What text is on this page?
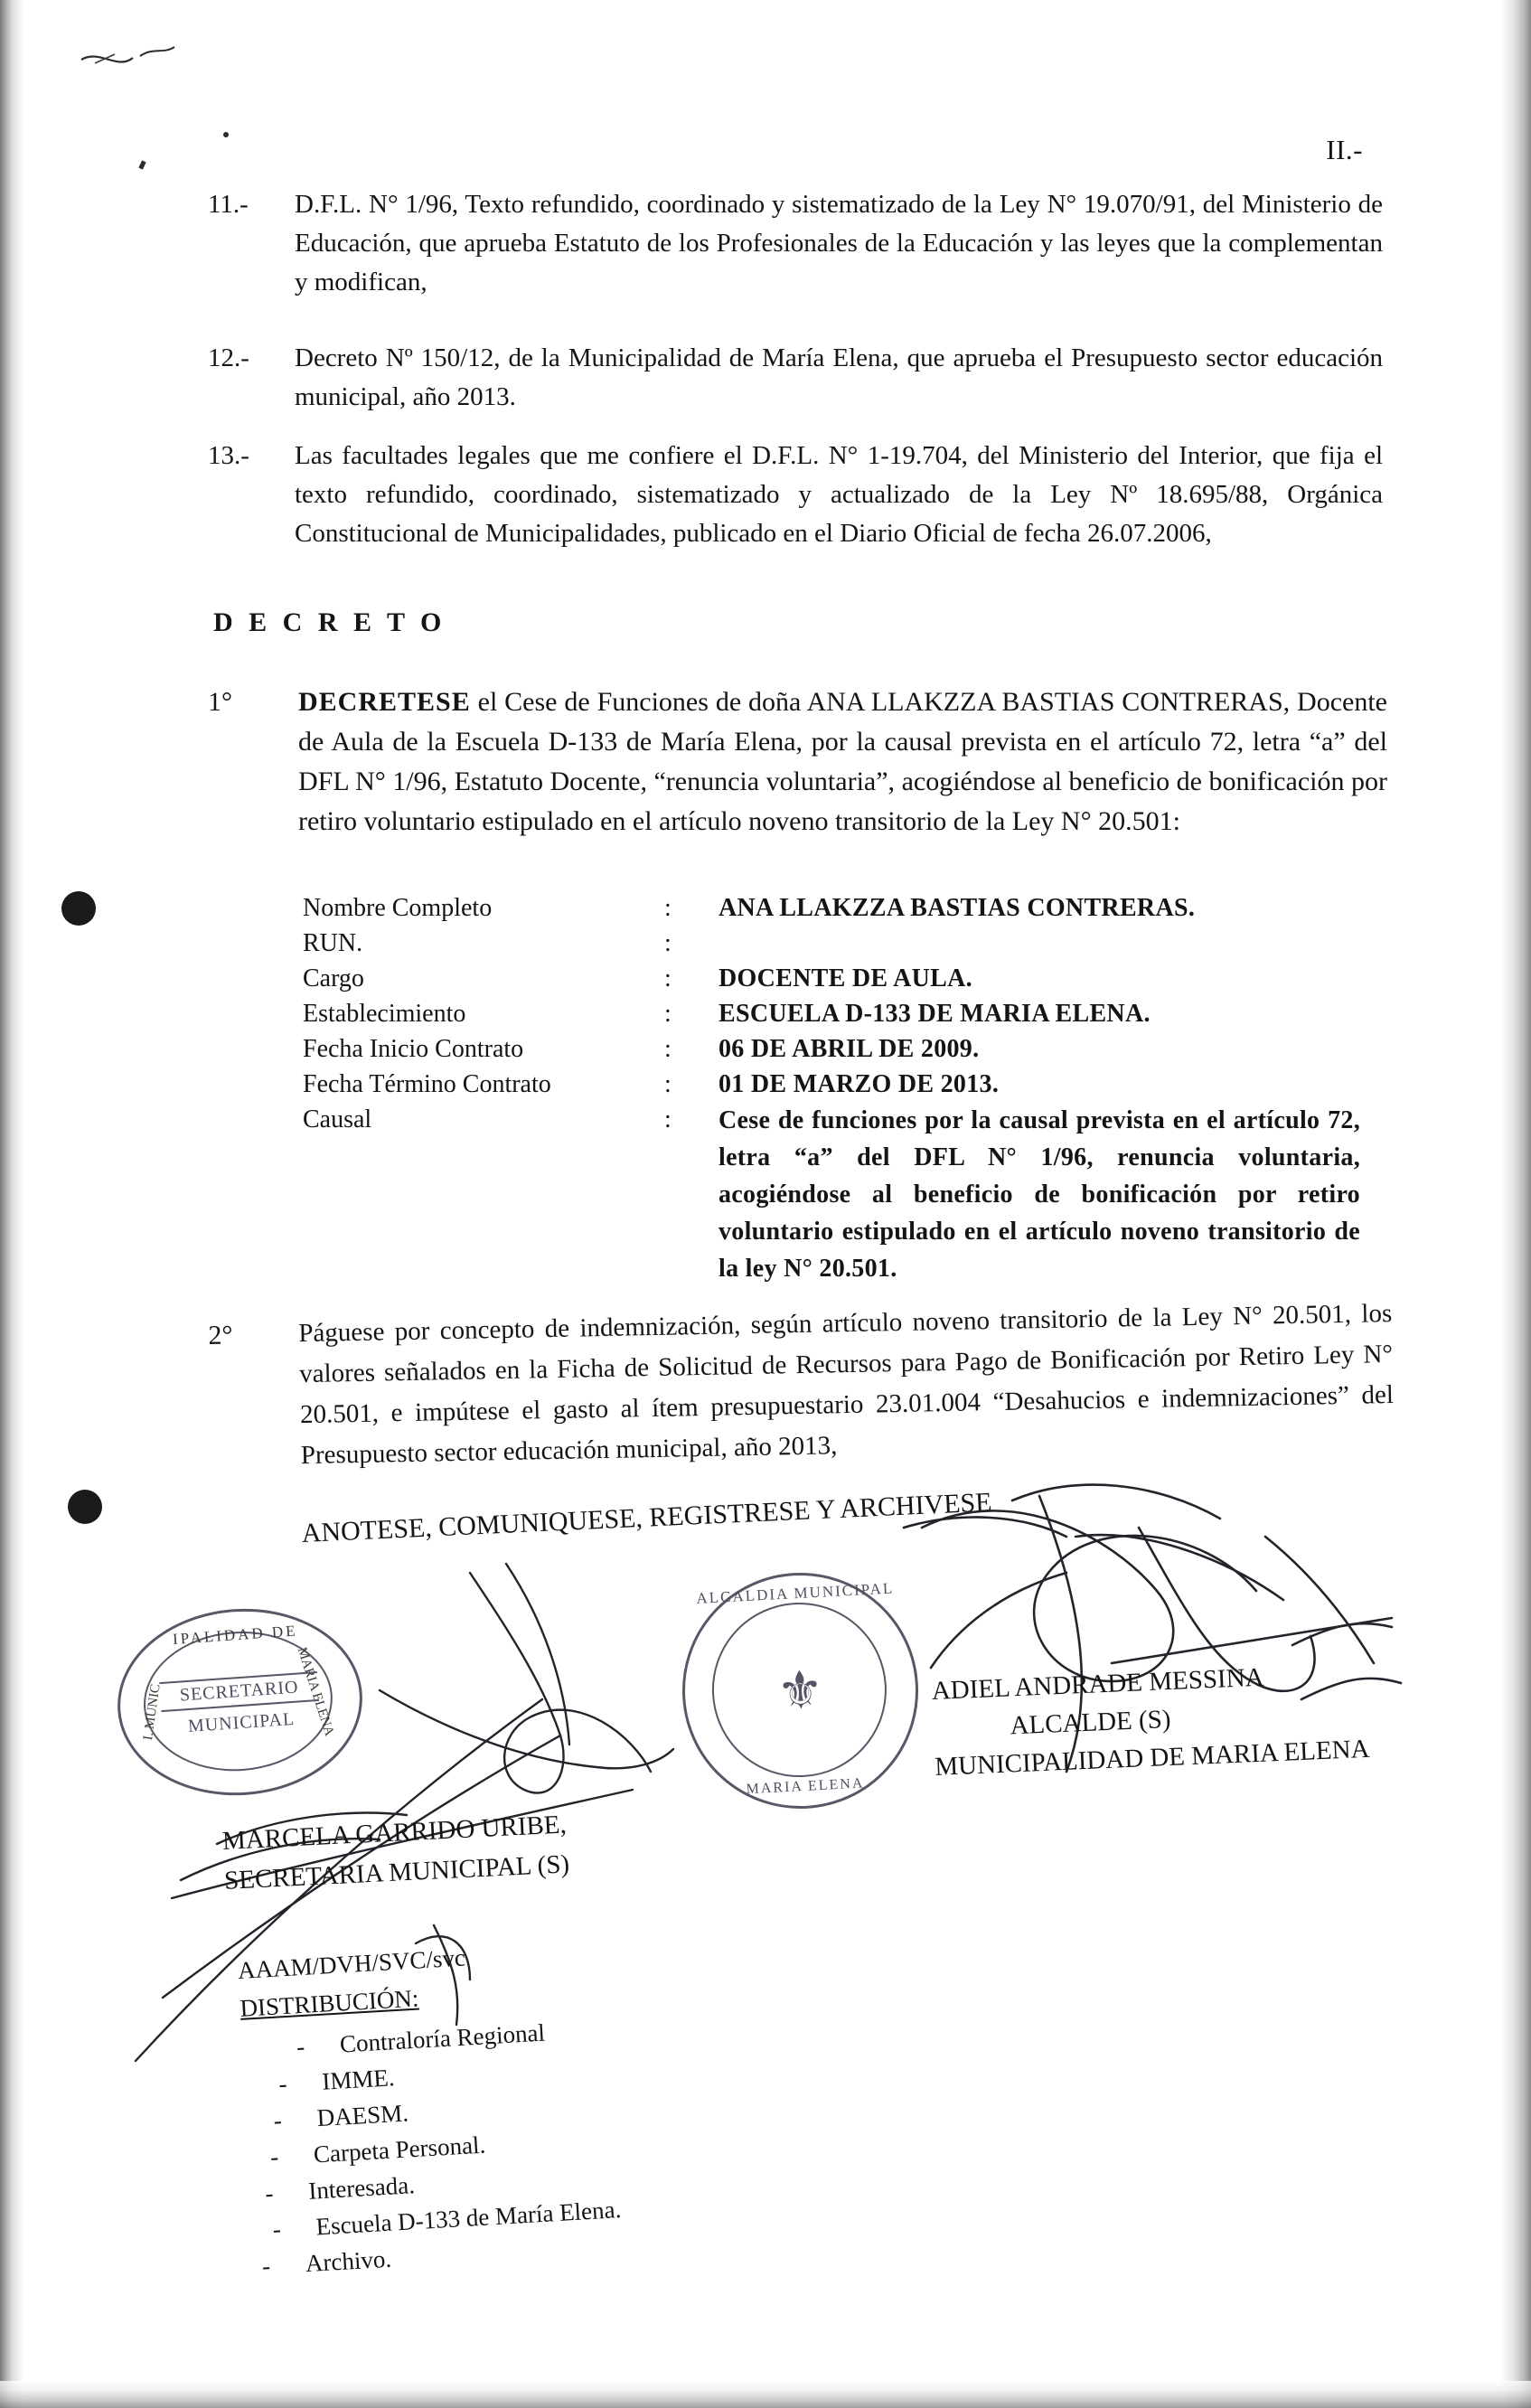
II.-
11.-	D.F.L. N° 1/96, Texto refundido, coordinado y sistematizado de la Ley N° 19.070/91, del Ministerio de Educación, que aprueba Estatuto de los Profesionales de la Educación y las leyes que la complementan y modifican,
12.-	Decreto Nº 150/12, de la Municipalidad de María Elena, que aprueba el Presupuesto sector educación municipal, año 2013.
13.-	Las facultades legales que me confiere el D.F.L. N° 1-19.704, del Ministerio del Interior, que fija el texto refundido, coordinado, sistematizado y actualizado de la Ley Nº 18.695/88, Orgánica Constitucional de Municipalidades, publicado en el Diario Oficial de fecha 26.07.2006,
D E C R E T O
1°	DECRETESE el Cese de Funciones de doña ANA LLAKZZA BASTIAS CONTRERAS, Docente de Aula de la Escuela D-133 de María Elena, por la causal prevista en el artículo 72, letra “a” del DFL N° 1/96, Estatuto Docente, “renuncia voluntaria”, acogiéndose al beneficio de bonificación por retiro voluntario estipulado en el artículo noveno transitorio de la Ley N° 20.501:
Nombre Completo	:	ANA LLAKZZA BASTIAS CONTRERAS.
RUN.	:
Cargo	:	DOCENTE DE AULA.
Establecimiento	:	ESCUELA D-133 DE MARIA ELENA.
Fecha Inicio Contrato	:	06 DE ABRIL DE 2009.
Fecha Término Contrato	:	01 DE MARZO DE 2013.
Causal	:	Cese de funciones por la causal prevista en el artículo 72, letra “a” del DFL N° 1/96, renuncia voluntaria, acogiéndose al beneficio de bonificación por retiro voluntario estipulado en el artículo noveno transitorio de la ley N° 20.501.
2°	Páguese por concepto de indemnización, según artículo noveno transitorio de la Ley N° 20.501, los valores señalados en la Ficha de Solicitud de Recursos para Pago de Bonificación por Retiro Ley N° 20.501, e impútese el gasto al ítem presupuestario 23.01.004 “Desahucios e indemnizaciones” del Presupuesto sector educación municipal, año 2013,
ANOTESE, COMUNIQUESE, REGISTRESE Y ARCHIVESE
IPALIDAD DE
I. MUNIC	MARIA ELENA
SECRETARIO
MUNICIPAL
ALCALDIA MUNICIPAL
MARIA ELENA
⚜	ADIEL ANDRADE MESSINA
ALCALDE (S)
MUNICIPALIDAD DE MARIA ELENA
MARCELA GARRIDO URIBE,
SECRETARIA MUNICIPAL (S)
AAAM/DVH/SVC/svc
DISTRIBUCIÓN:
-	Contraloría Regional
-	IMME.
-	DAESM.
-	Carpeta Personal.
-	Interesada.
-	Escuela D-133 de María Elena.
-	Archivo.
